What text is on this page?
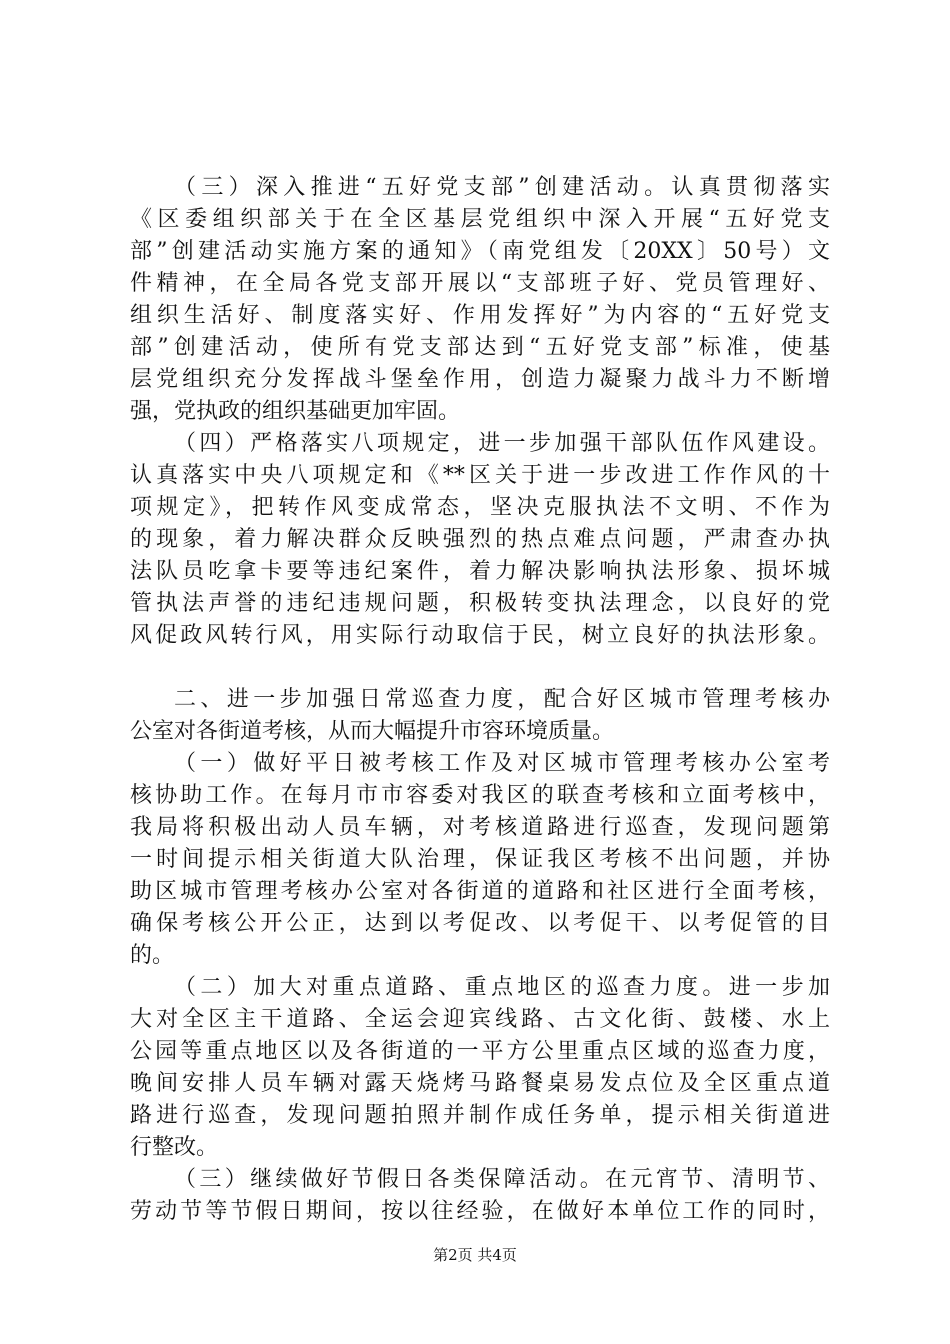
（三）深入推进“五好党支部”创建活动。认真贯彻落实
《区委组织部关于在全区基层党组织中深入开展“五好党支
部”创建活动实施方案的通知》（南党组发〔20XX〕50号）文
件精神，在全局各党支部开展以“支部班子好、党员管理好、
组织生活好、制度落实好、作用发挥好”为内容的“五好党支
部”创建活动，使所有党支部达到“五好党支部”标准，使基
层党组织充分发挥战斗堡垒作用，创造力凝聚力战斗力不断增
强，党执政的组织基础更加牢固。
（四）严格落实八项规定，进一步加强干部队伍作风建设。
认真落实中央八项规定和《**区关于进一步改进工作作风的十
项规定》，把转作风变成常态，坚决克服执法不文明、不作为
的现象，着力解决群众反映强烈的热点难点问题，严肃查办执
法队员吃拿卡要等违纪案件，着力解决影响执法形象、损坏城
管执法声誉的违纪违规问题，积极转变执法理念，以良好的党
风促政风转行风，用实际行动取信于民，树立良好的执法形象。
二、进一步加强日常巡查力度，配合好区城市管理考核办
公室对各街道考核，从而大幅提升市容环境质量。
（一）做好平日被考核工作及对区城市管理考核办公室考
核协助工作。在每月市市容委对我区的联查考核和立面考核中，
我局将积极出动人员车辆，对考核道路进行巡查，发现问题第
一时间提示相关街道大队治理，保证我区考核不出问题，并协
助区城市管理考核办公室对各街道的道路和社区进行全面考核，
确保考核公开公正，达到以考促改、以考促干、以考促管的目
的。
（二）加大对重点道路、重点地区的巡查力度。进一步加
大对全区主干道路、全运会迎宾线路、古文化街、鼓楼、水上
公园等重点地区以及各街道的一平方公里重点区域的巡查力度，
晚间安排人员车辆对露天烧烤马路餐桌易发点位及全区重点道
路进行巡查，发现问题拍照并制作成任务单，提示相关街道进
行整改。
（三）继续做好节假日各类保障活动。在元宵节、清明节、
劳动节等节假日期间，按以往经验，在做好本单位工作的同时，
第2页 共4页
